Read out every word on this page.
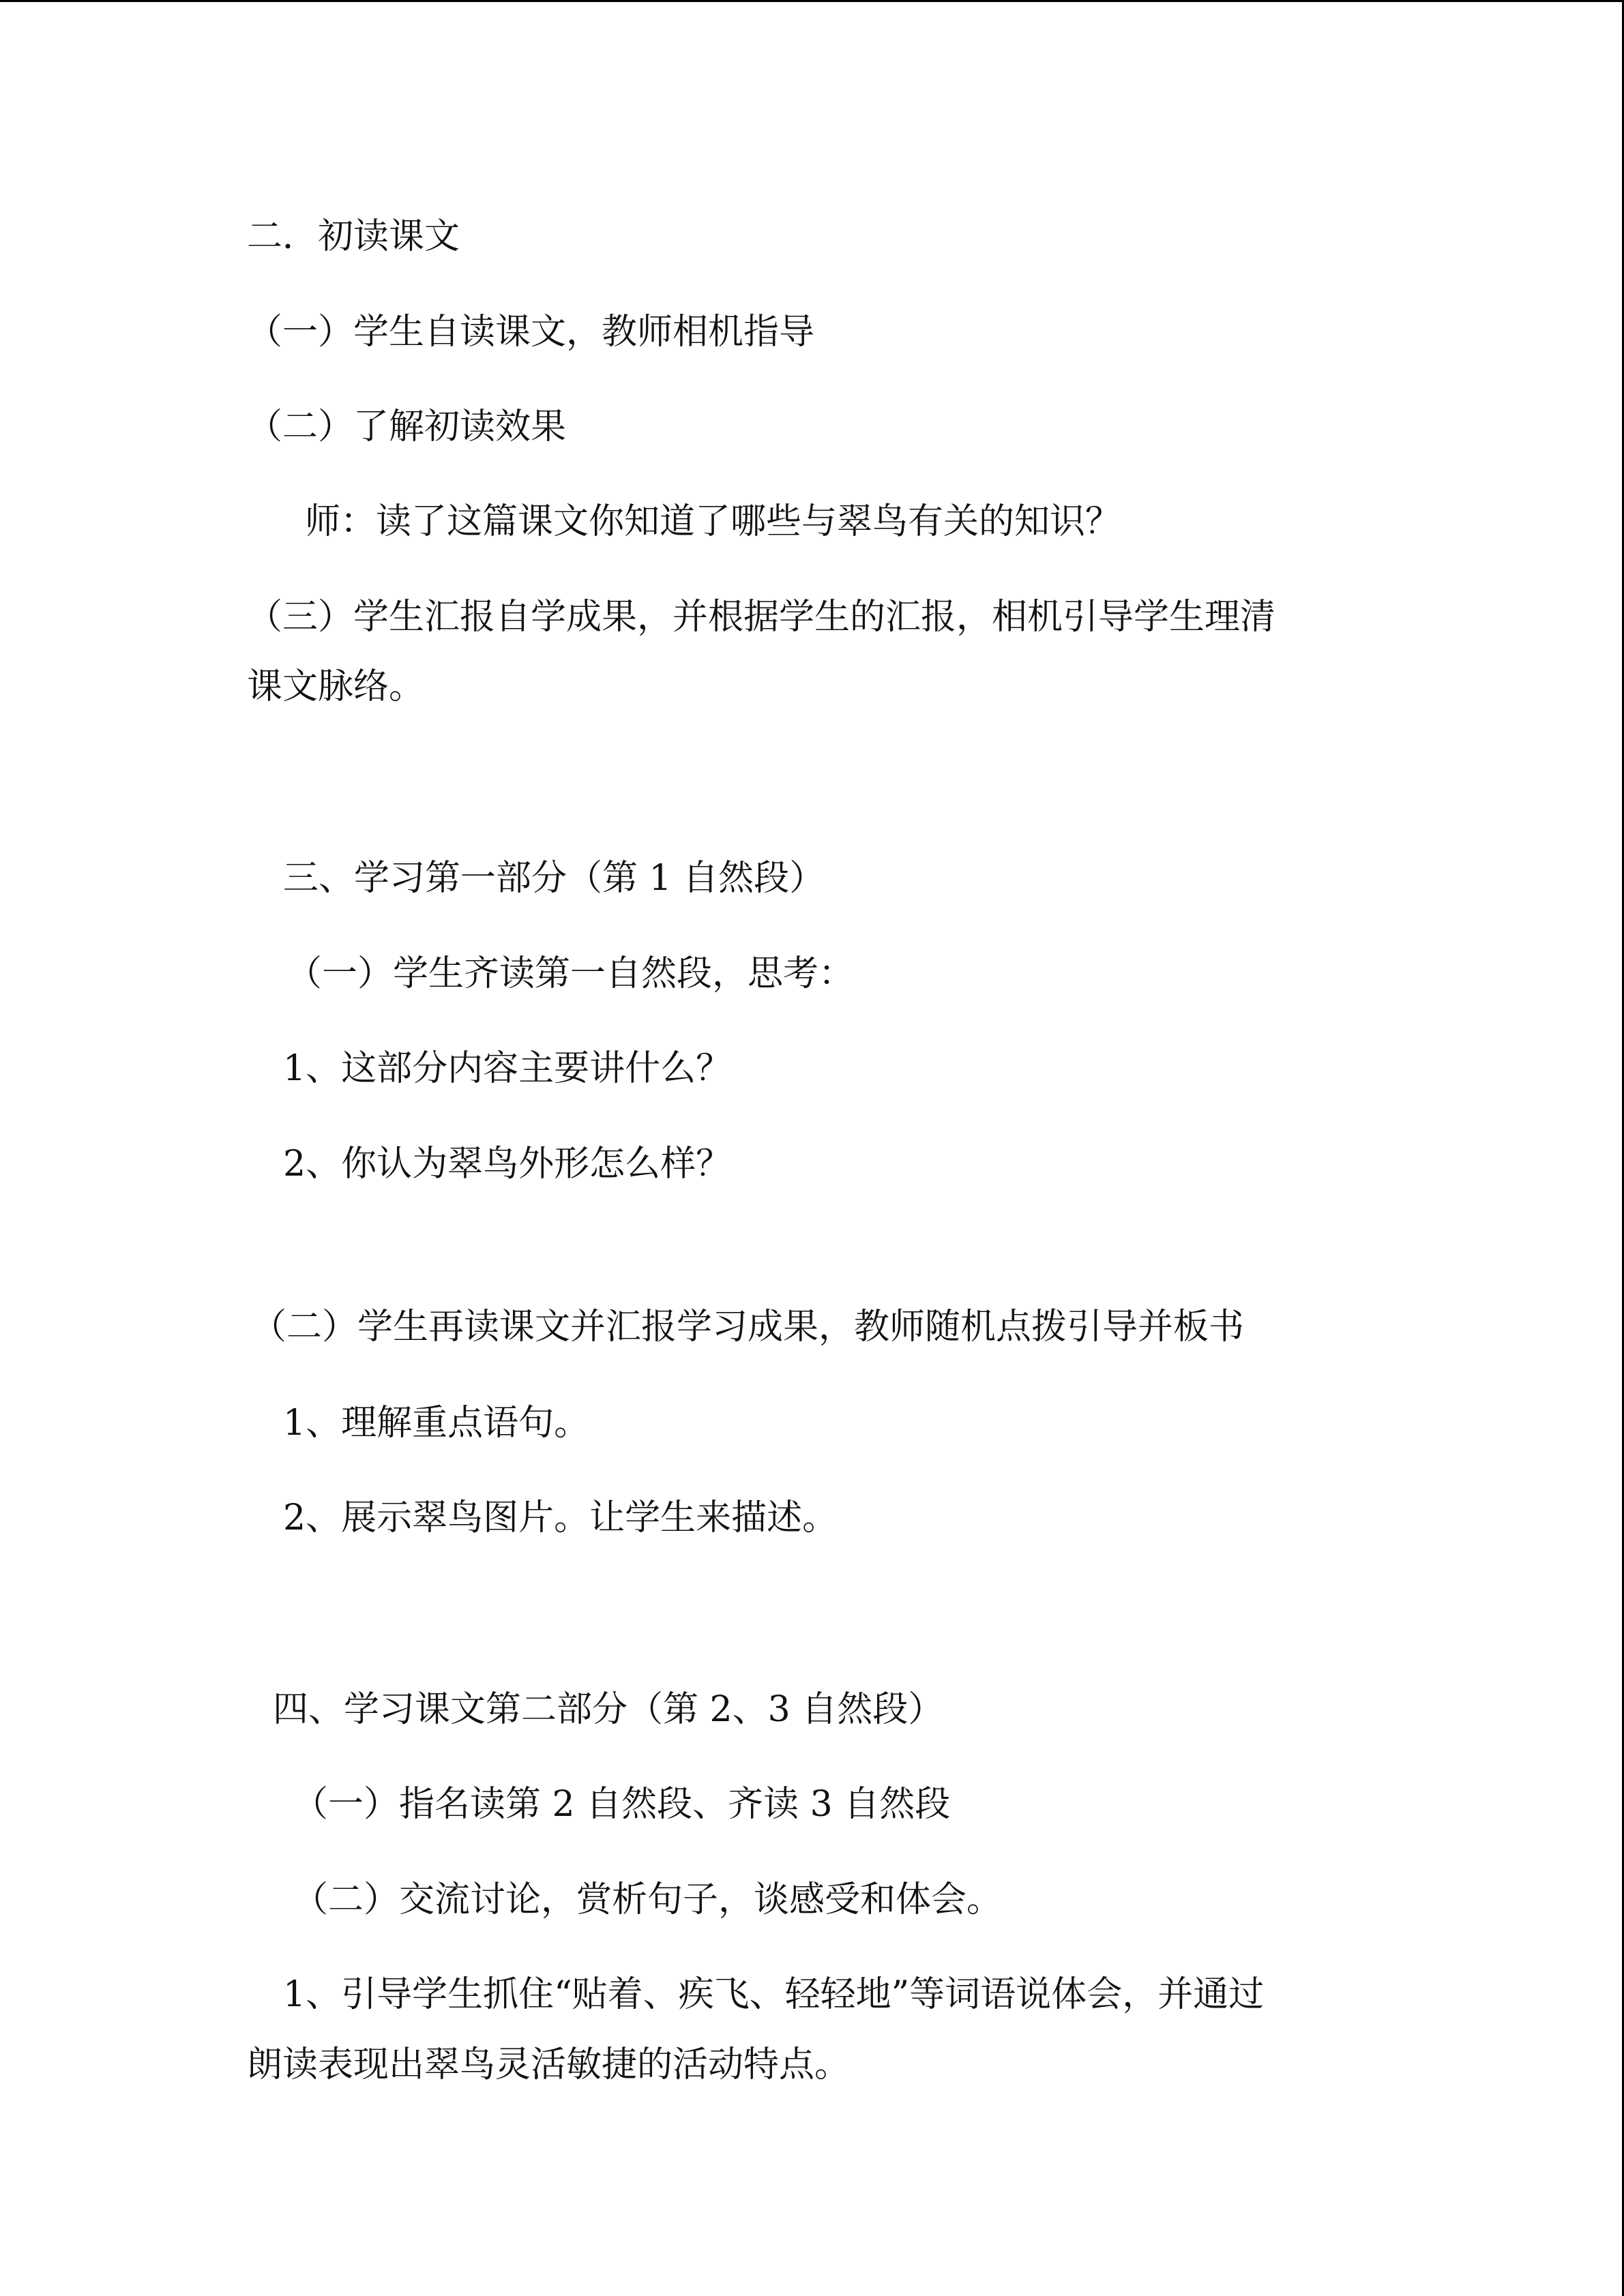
二．初读课文
（一）学生自读课文，教师相机指导
（二）了解初读效果
师：读了这篇课文你知道了哪些与翠鸟有关的知识？
（三）学生汇报自学成果，并根据学生的汇报，相机引导学生理清
课文脉络。
三、学习第一部分（第 1 自然段）
（一）学生齐读第一自然段，思考：
1、这部分内容主要讲什么？
2、你认为翠鸟外形怎么样？
（二）学生再读课文并汇报学习成果，教师随机点拨引导并板书
1、理解重点语句。
2、展示翠鸟图片。让学生来描述。
四、学习课文第二部分（第 2、3 自然段）
（一）指名读第 2 自然段、齐读 3 自然段
（二）交流讨论，赏析句子，谈感受和体会。
1、引导学生抓住“贴着、疾飞、轻轻地”等词语说体会，并通过
朗读表现出翠鸟灵活敏捷的活动特点。
